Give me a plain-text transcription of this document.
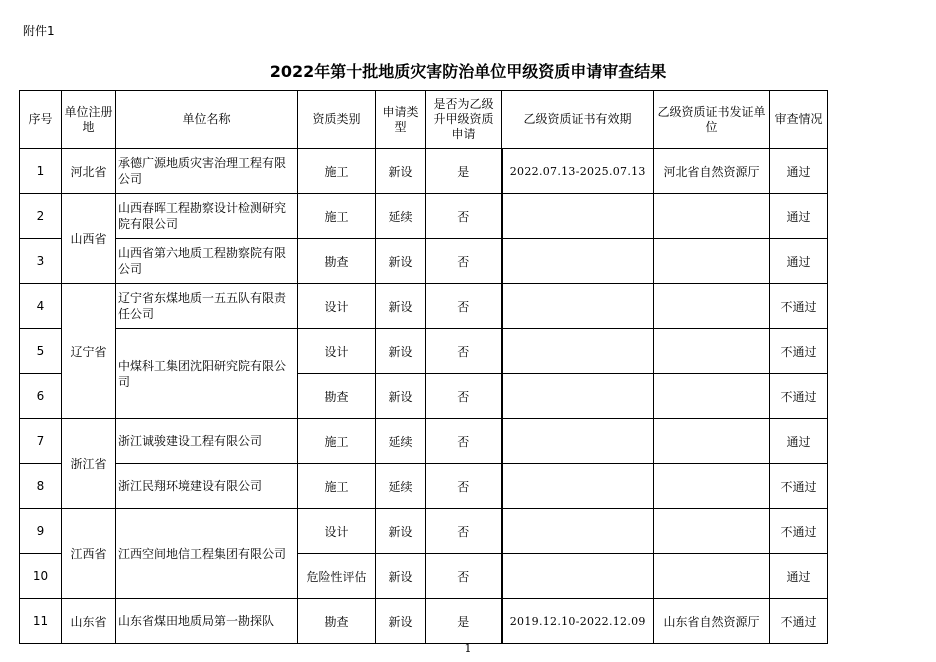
附件1
2022年第十批地质灾害防治单位甲级资质申请审查结果
序号	单位注册地	单位名称	资质类别	申请类型	是否为乙级升甲级资质申请	乙级资质证书有效期	乙级资质证书发证单位	审查情况
1	河北省	承德广源地质灾害治理工程有限公司	施工	新设	是	2022.07.13-2025.07.13	河北省自然资源厅	通过
2	山西省	山西春晖工程勘察设计检测研究院有限公司	施工	延续	否			通过
3		山西省第六地质工程勘察院有限公司	勘查	新设	否			通过
4	辽宁省	辽宁省东煤地质一五五队有限责任公司	设计	新设	否			不通过
5		中煤科工集团沈阳研究院有限公司	设计	新设	否			不通过
6			勘查	新设	否			不通过
7	浙江省	浙江诚骏建设工程有限公司	施工	延续	否			通过
8		浙江民翔环境建设有限公司	施工	延续	否			不通过
9	江西省	江西空间地信工程集团有限公司	设计	新设	否			不通过
10			危险性评估	新设	否			通过
11	山东省	山东省煤田地质局第一勘探队	勘查	新设	是	2019.12.10-2022.12.09	山东省自然资源厅	不通过
1
